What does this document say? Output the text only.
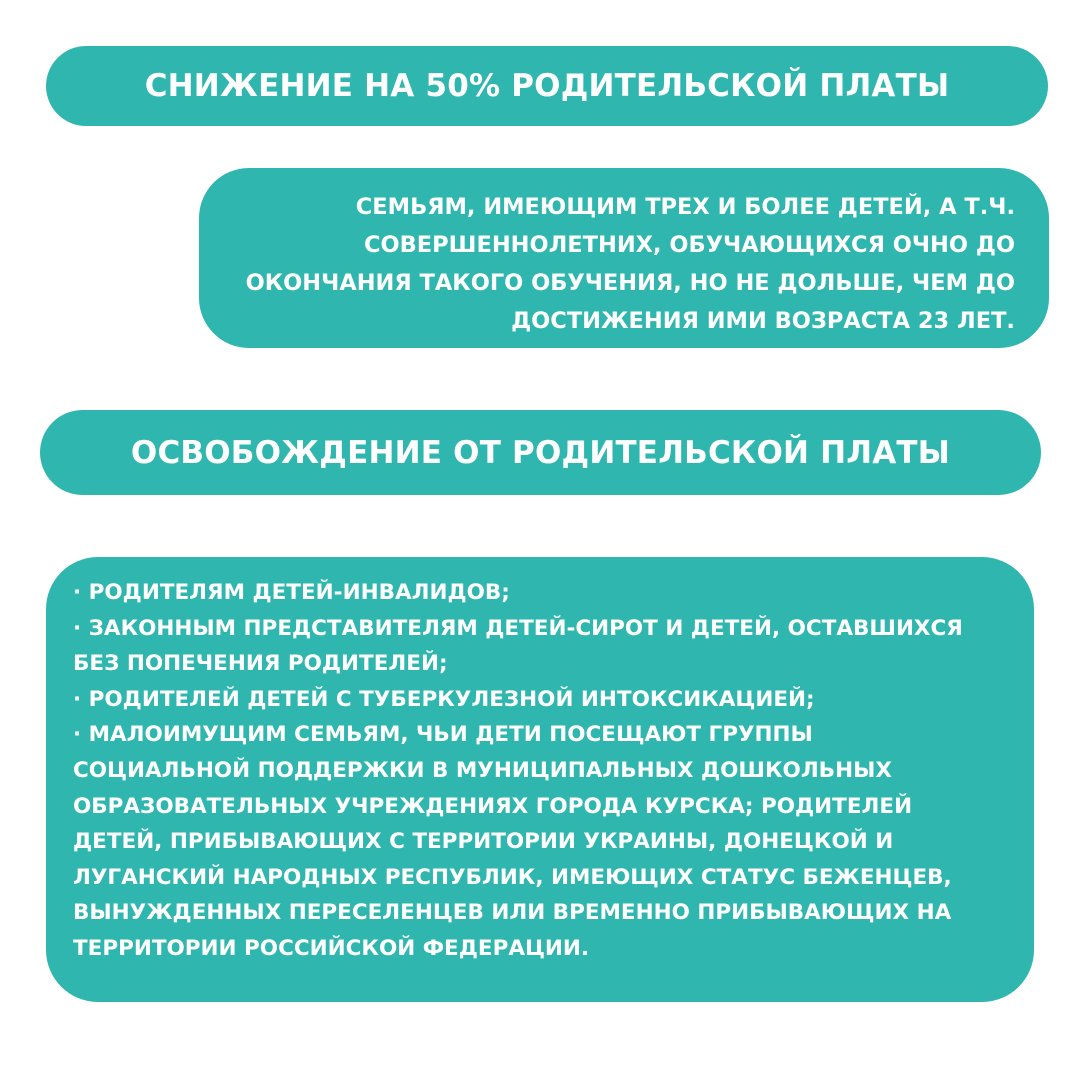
СНИЖЕНИЕ НА 50% РОДИТЕЛЬСКОЙ ПЛАТЫ
СЕМЬЯМ, ИМЕЮЩИМ ТРЕХ И БОЛЕЕ ДЕТЕЙ, А Т.Ч.
СОВЕРШЕННОЛЕТНИХ, ОБУЧАЮЩИХСЯ ОЧНО ДО
ОКОНЧАНИЯ ТАКОГО ОБУЧЕНИЯ, НО НЕ ДОЛЬШЕ, ЧЕМ ДО
ДОСТИЖЕНИЯ ИМИ ВОЗРАСТА 23 ЛЕТ.
ОСВОБОЖДЕНИЕ ОТ РОДИТЕЛЬСКОЙ ПЛАТЫ
· РОДИТЕЛЯМ ДЕТЕЙ-ИНВАЛИДОВ;
· ЗАКОННЫМ ПРЕДСТАВИТЕЛЯМ ДЕТЕЙ-СИРОТ И ДЕТЕЙ, ОСТАВШИХСЯ
БЕЗ ПОПЕЧЕНИЯ РОДИТЕЛЕЙ;
· РОДИТЕЛЕЙ ДЕТЕЙ С ТУБЕРКУЛЕЗНОЙ ИНТОКСИКАЦИЕЙ;
· МАЛОИМУЩИМ СЕМЬЯМ, ЧЬИ ДЕТИ ПОСЕЩАЮТ ГРУППЫ
СОЦИАЛЬНОЙ ПОДДЕРЖКИ В МУНИЦИПАЛЬНЫХ ДОШКОЛЬНЫХ
ОБРАЗОВАТЕЛЬНЫХ УЧРЕЖДЕНИЯХ ГОРОДА КУРСКА; РОДИТЕЛЕЙ
ДЕТЕЙ, ПРИБЫВАЮЩИХ С ТЕРРИТОРИИ УКРАИНЫ, ДОНЕЦКОЙ И
ЛУГАНСКИЙ НАРОДНЫХ РЕСПУБЛИК, ИМЕЮЩИХ СТАТУС БЕЖЕНЦЕВ,
ВЫНУЖДЕННЫХ ПЕРЕСЕЛЕНЦЕВ ИЛИ ВРЕМЕННО ПРИБЫВАЮЩИХ НА
ТЕРРИТОРИИ РОССИЙСКОЙ ФЕДЕРАЦИИ.
